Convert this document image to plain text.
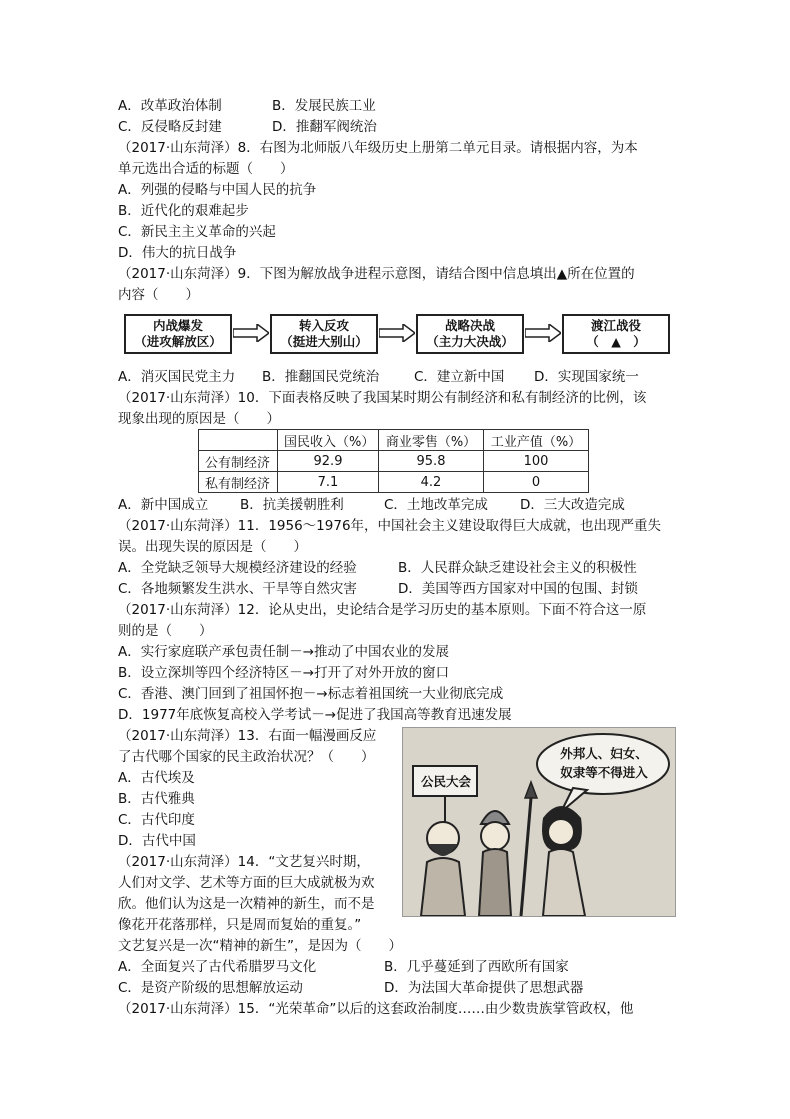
A．改革政治体制	B．发展民族工业
C．反侵略反封建	D．推翻军阀统治
（2017·山东菏泽）8．右图为北师版八年级历史上册第二单元目录。请根据内容，为本
单元选出合适的标题（　　）
A．列强的侵略与中国人民的抗争
B．近代化的艰难起步
C．新民主主义革命的兴起
D．伟大的抗日战争
（2017·山东菏泽）9．下图为解放战争进程示意图，请结合图中信息填出▲所在位置的
内容（　　）
内战爆发
（进攻解放区）
转入反攻
（挺进大别山）
战略决战
（主力大决战）
渡江战役
（　▲　）
A．消灭国民党主力 B．推翻国民党统治	C．建立新中国 D．实现国家统一
（2017·山东菏泽）10．下面表格反映了我国某时期公有制经济和私有制经济的比例，该
现象出现的原因是（　　）
	国民收入（%）	商业零售（%）	工业产值（%）
公有制经济	92.9	95.8	100
私有制经济	7.1	4.2	0
A．新中国成立 B．抗美援朝胜利	C．土地改革完成 D．三大改造完成
（2017·山东菏泽）11．1956～1976年，中国社会主义建设取得巨大成就，也出现严重失
误。出现失误的原因是（　　）
A．全党缺乏领导大规模经济建设的经验	B．人民群众缺乏建设社会主义的积极性
C．各地频繁发生洪水、干旱等自然灾害	D．美国等西方国家对中国的包围、封锁
（2017·山东菏泽）12．论从史出，史论结合是学习历史的基本原则。下面不符合这一原
则的是（　　）
A．实行家庭联产承包责任制－→推动了中国农业的发展
B．设立深圳等四个经济特区－→打开了对外开放的窗口
C．香港、澳门回到了祖国怀抱－→标志着祖国统一大业彻底完成
D．1977年底恢复高校入学考试－→促进了我国高等教育迅速发展
（2017·山东菏泽）13．右面一幅漫画反应
了古代哪个国家的民主政治状况？（　　）
A．古代埃及
B．古代雅典
C．古代印度
D．古代中国
公民大会
外邦人、妇女、
奴隶等不得进入
（2017·山东菏泽）14．“文艺复兴时期，
人们对文学、艺术等方面的巨大成就极为欢
欣。他们认为这是一次精神的新生，而不是
像花开花落那样，只是周而复始的重复。”
文艺复兴是一次“精神的新生”，是因为（　　）
A．全面复兴了古代希腊罗马文化	B．几乎蔓延到了西欧所有国家
C．是资产阶级的思想解放运动	D．为法国大革命提供了思想武器
（2017·山东菏泽）15．“光荣革命”以后的这套政治制度……由少数贵族掌管政权，他
